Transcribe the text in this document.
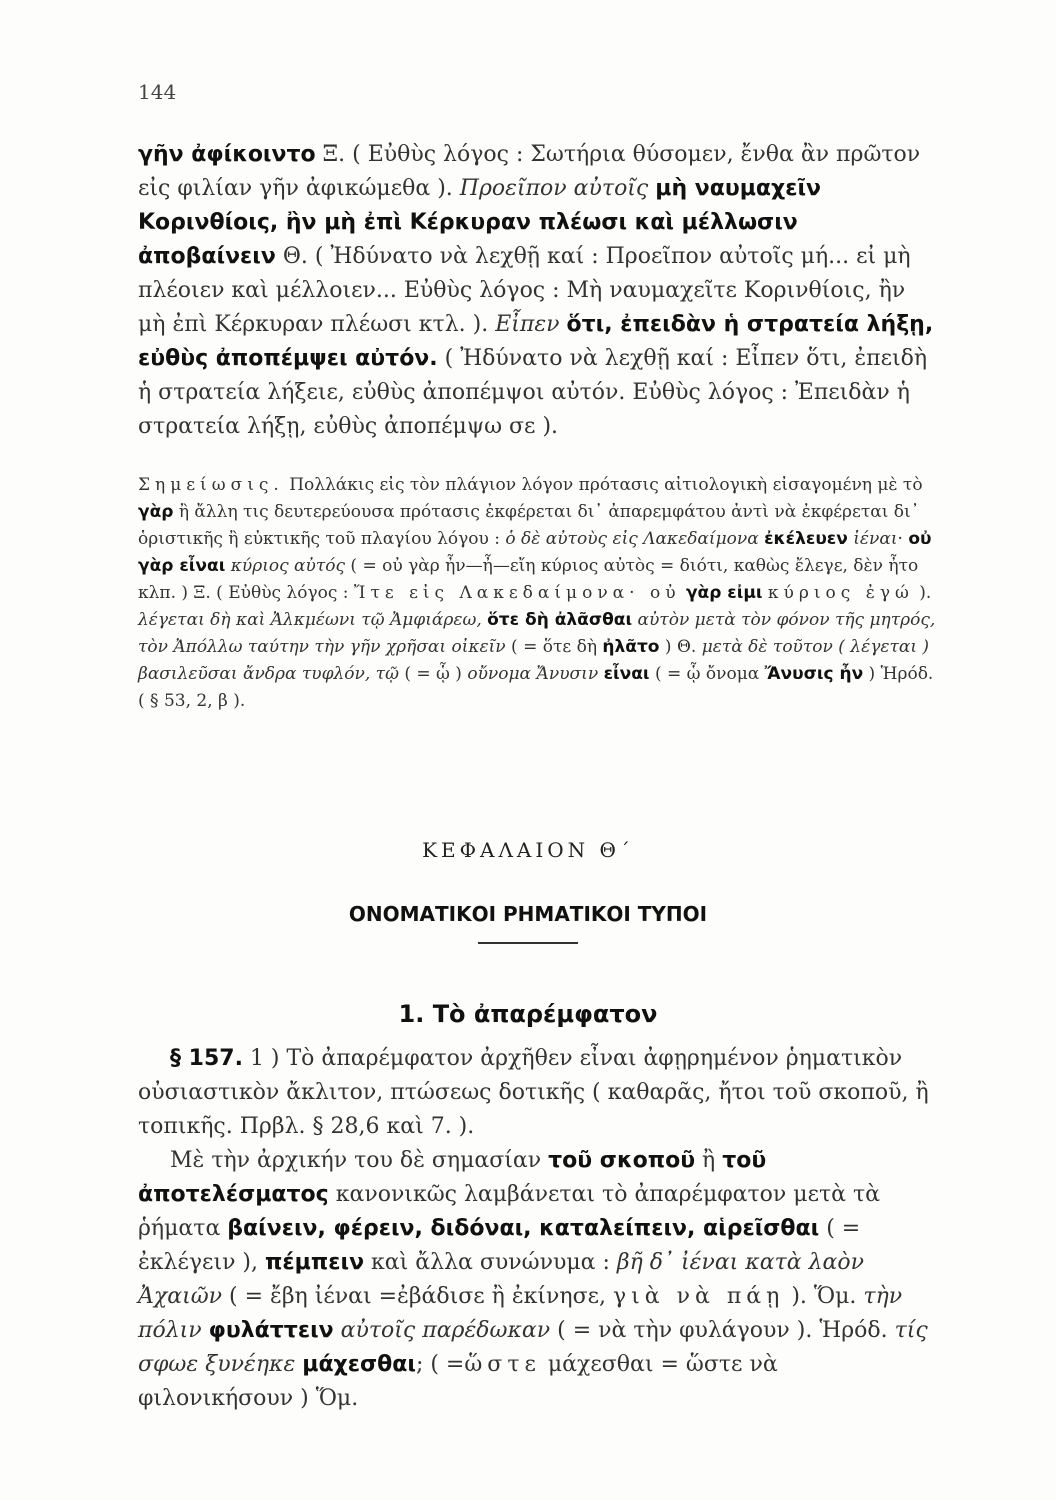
144

γῆν ἀφίκοιντο Ξ. ( Εὐθὺς λόγος : Σωτήρια θύσομεν, ἔνθα ἂν πρῶτον εἰς φιλίαν γῆν ἀφικώμεθα ). Προεῖπον αὐτοῖς μὴ ναυμαχεῖν Κορινθίοις, ἢν μὴ ἐπὶ Κέρκυραν πλέωσι καὶ μέλλωσιν ἀποβαίνειν Θ. ( Ἠδύνατο νὰ λεχθῇ καί : Προεῖπον αὐτοῖς μή... εἰ μὴ πλέοιεν καὶ μέλλοιεν... Εὐθὺς λόγος : Μὴ ναυμαχεῖτε Κορινθίοις, ἢν μὴ ἐπὶ Κέρκυραν πλέωσι κτλ. ). Εἶπεν ὅτι, ἐπειδὰν ἡ στρατεία λήξῃ, εὐθὺς ἀποπέμψει αὐτόν. ( Ἠδύνατο νὰ λεχθῇ καί : Εἶπεν ὅτι, ἐπειδὴ ἡ στρατεία λήξειε, εὐθὺς ἀποπέμψοι αὐτόν. Εὐθὺς λόγος : Ἐπειδὰν ἡ στρατεία λήξῃ, εὐθὺς ἀποπέμψω σε ).

Σημείωσις. Πολλάκις εἰς τὸν πλάγιον λόγον πρότασις αἰτιολογικὴ εἰσαγομένη μὲ τὸ γὰρ ἢ ἄλλη τις δευτερεύουσα πρότασις ἐκφέρεται δι᾽ ἀπαρεμφάτου ἀντὶ νὰ ἐκφέρεται δι᾽ ὁριστικῆς ἢ εὐκτικῆς τοῦ πλαγίου λόγου : ὁ δὲ αὐτοὺς εἰς Λακεδαίμονα ἐκέλευεν ἰέναι· οὐ γὰρ εἶναι κύριος αὐτός ( = οὐ γὰρ ἦν—ἦ—εἴη κύριος αὐτὸς = διότι, καθὼς ἔλεγε, δὲν ἦτο κλπ. ) Ξ. ( Εὐθὺς λόγος : Ἴτε εἰς Λακεδαίμονα· οὐ γὰρ εἰμι κύριος ἐγώ ). λέγεται δὴ καὶ Ἀλκμέωνι τῷ Ἀμφιάρεω, ὅτε δὴ ἀλᾶσθαι αὐτὸν μετὰ τὸν φόνον τῆς μητρός, τὸν Ἀπόλλω ταύτην τὴν γῆν χρῆσαι οἰκεῖν ( = ὅτε δὴ ἠλᾶτο ) Θ. μετὰ δὲ τοῦτον ( λέγεται ) βασιλεῦσαι ἄνδρα τυφλόν, τῷ ( = ᾧ ) οὔνομα Ἄνυσιν εἶναι ( = ᾧ ὄνομα Ἄνυσις ἦν ) Ἡρόδ. ( § 53, 2, β ).

ΚΕΦΑΛΑΙΟΝ Θ΄
ΟΝΟΜΑΤΙΚΟΙ ΡΗΜΑΤΙΚΟΙ ΤΥΠΟΙ
1. Τὸ ἀπαρέμφατον

§ 157. 1 ) Τὸ ἀπαρέμφατον ἀρχῆθεν εἶναι ἀφῃρημένον ῥηματικὸν οὐσιαστικὸν ἄκλιτον, πτώσεως δοτικῆς ( καθαρᾶς, ἤτοι τοῦ σκοποῦ, ἢ τοπικῆς. Πρβλ. § 28,6 καὶ 7. ).

Μὲ τὴν ἀρχικήν του δὲ σημασίαν τοῦ σκοποῦ ἢ τοῦ ἀποτελέσματος κανονικῶς λαμβάνεται τὸ ἀπαρέμφατον μετὰ τὰ ῥήματα βαίνειν, φέρειν, διδόναι, καταλείπειν, αἱρεῖσθαι ( = ἐκλέγειν ), πέμπειν καὶ ἄλλα συνώνυμα : βῆ δ᾽ ἰέναι κατὰ λαὸν Ἀχαιῶν ( = ἔβη ἰέναι =ἐβάδισε ἢ ἐκίνησε, γιὰ νὰ πάῃ ). Ὅμ. τὴν πόλιν φυλάττειν αὐτοῖς παρέδωκαν ( = νὰ τὴν φυλάγουν ). Ἡρόδ. τίς σφωε ξυνέηκε μάχεσθαι; ( =ὥστε μάχεσθαι = ὥστε νὰ φιλονικήσουν ) Ὅμ.
